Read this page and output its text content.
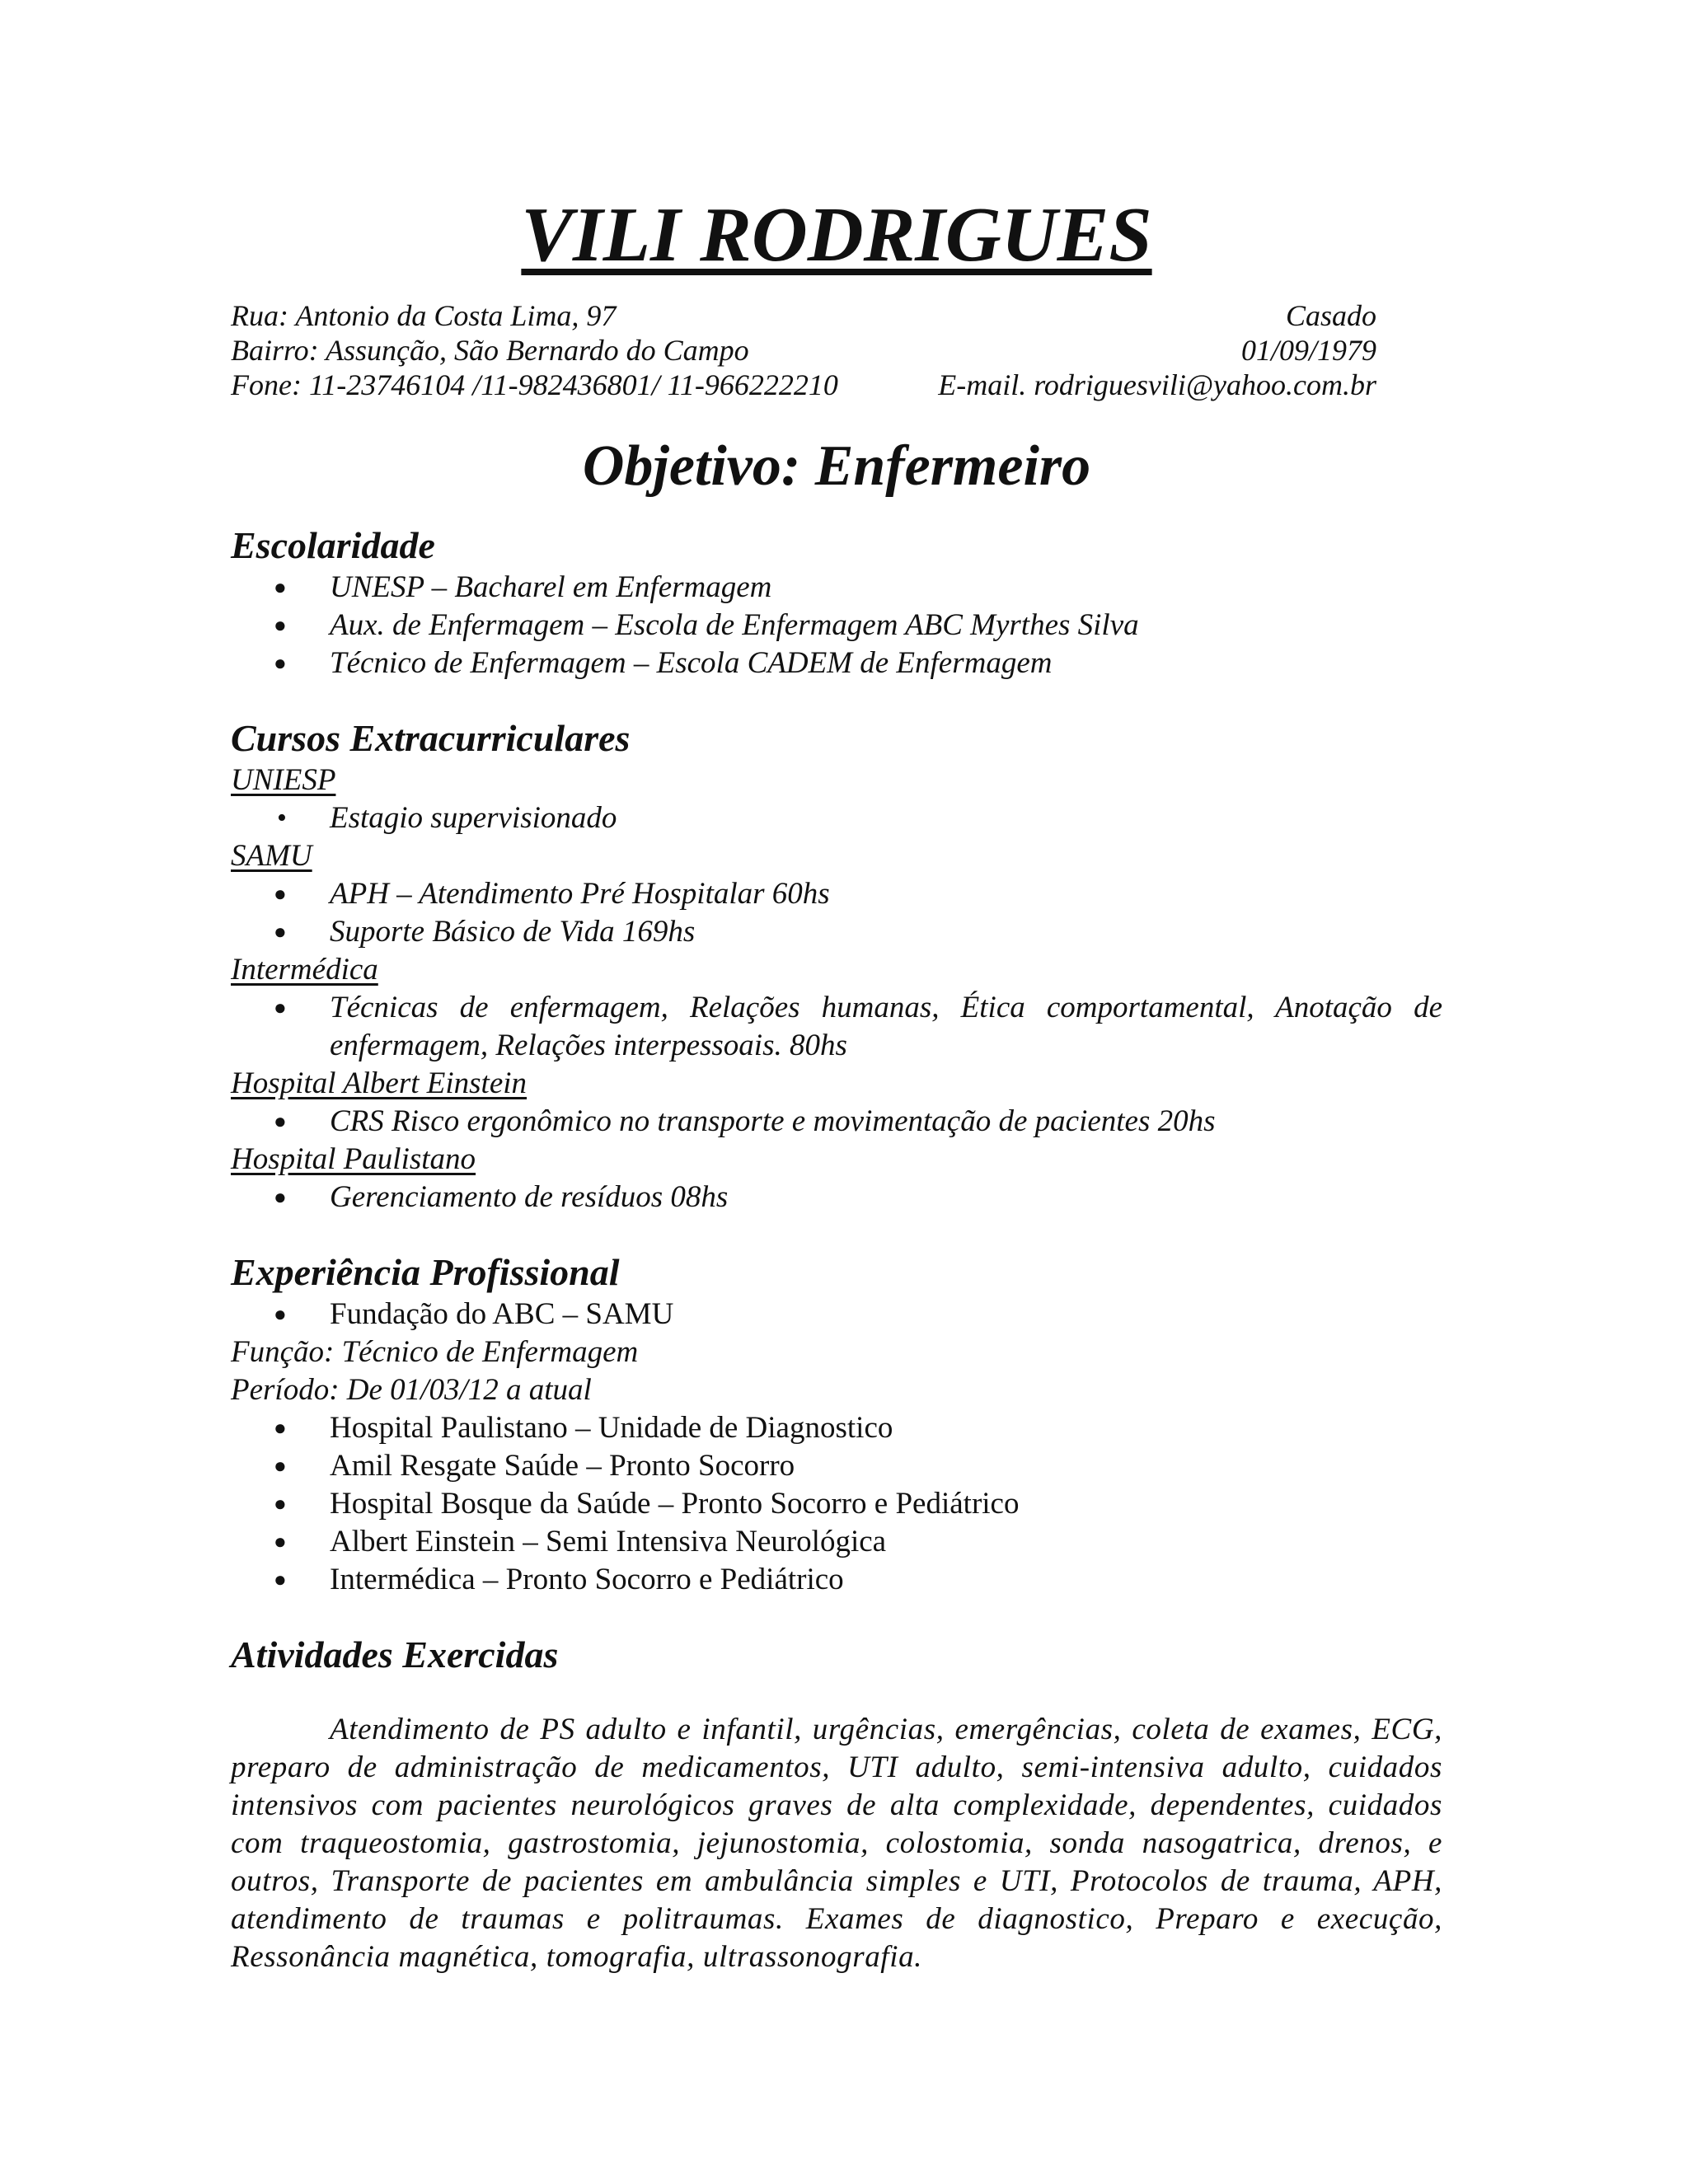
VILI RODRIGUES
Rua: Antonio da Costa Lima, 97	Casado
Bairro: Assunção, São Bernardo do Campo	01/09/1979
Fone: 11-23746104 /11-982436801/ 11-966222210	E-mail. rodriguesvili@yahoo.com.br
Objetivo: Enfermeiro
Escolaridade
● UNESP – Bacharel em Enfermagem
● Aux. de Enfermagem – Escola de Enfermagem ABC Myrthes Silva
● Técnico de Enfermagem – Escola CADEM de Enfermagem
Cursos Extracurriculares
UNIESP
• Estagio supervisionado
SAMU
● APH – Atendimento Pré Hospitalar 60hs
● Suporte Básico de Vida 169hs
Intermédica
● Técnicas de enfermagem, Relações humanas, Ética comportamental, Anotação de enfermagem, Relações interpessoais. 80hs
Hospital Albert Einstein
● CRS Risco ergonômico no transporte e movimentação de pacientes 20hs
Hospital Paulistano
● Gerenciamento de resíduos 08hs
Experiência Profissional
● Fundação do ABC – SAMU
Função: Técnico de Enfermagem
Período: De 01/03/12 a atual
● Hospital Paulistano – Unidade de Diagnostico
● Amil Resgate Saúde – Pronto Socorro
● Hospital Bosque da Saúde – Pronto Socorro e Pediátrico
● Albert Einstein – Semi Intensiva Neurológica
● Intermédica – Pronto Socorro e Pediátrico
Atividades Exercidas

Atendimento de PS adulto e infantil, urgências, emergências, coleta de exames, ECG, preparo de administração de medicamentos, UTI adulto, semi-intensiva adulto, cuidados intensivos com pacientes neurológicos graves de alta complexidade, dependentes, cuidados com traqueostomia, gastrostomia, jejunostomia, colostomia, sonda nasogatrica, drenos, e outros, Transporte de pacientes em ambulância simples e UTI, Protocolos de trauma, APH, atendimento de traumas e politraumas. Exames de diagnostico, Preparo e execução, Ressonância magnética, tomografia, ultrassonografia.
